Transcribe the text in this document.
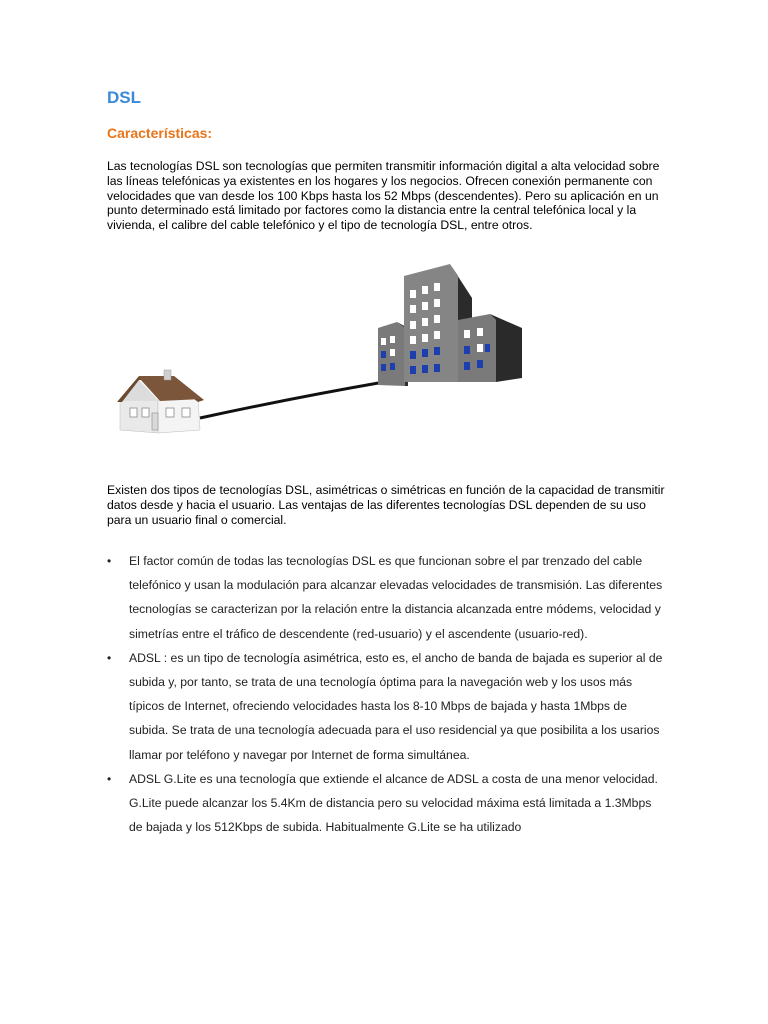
DSL
Características:

Las tecnologías DSL son tecnologías que permiten transmitir información digital a alta velocidad sobre las líneas telefónicas ya existentes en los hogares y los negocios. Ofrecen conexión permanente con velocidades que van desde los 100 Kbps hasta los 52 Mbps (descendentes). Pero su aplicación en un punto determinado está limitado por factores como la distancia entre la central telefónica local y la vivienda, el calibre del cable telefónico y el tipo de tecnología DSL, entre otros.

Existen dos tipos de tecnologías DSL, asimétricas o simétricas en función de la capacidad de transmitir datos desde y hacia el usuario. Las ventajas de las diferentes tecnologías DSL dependen de su uso para un usuario final o comercial.

• El factor común de todas las tecnologías DSL es que funcionan sobre el par trenzado del cable telefónico y usan la modulación para alcanzar elevadas velocidades de transmisión. Las diferentes tecnologías se caracterizan por la relación entre la distancia alcanzada entre módems, velocidad y simetrías entre el tráfico de descendente (red-usuario) y el ascendente (usuario-red).
• ADSL : es un tipo de tecnología asimétrica, esto es, el ancho de banda de bajada es superior al de subida y, por tanto, se trata de una tecnología óptima para la navegación web y los usos más típicos de Internet, ofreciendo velocidades hasta los 8-10 Mbps de bajada y hasta 1Mbps de subida. Se trata de una tecnología adecuada para el uso residencial ya que posibilita a los usarios llamar por teléfono y navegar por Internet de forma simultánea.
• ADSL G.Lite es una tecnología que extiende el alcance de ADSL a costa de una menor velocidad. G.Lite puede alcanzar los 5.4Km de distancia pero su velocidad máxima está limitada a 1.3Mbps de bajada y los 512Kbps de subida. Habitualmente G.Lite se ha utilizado
